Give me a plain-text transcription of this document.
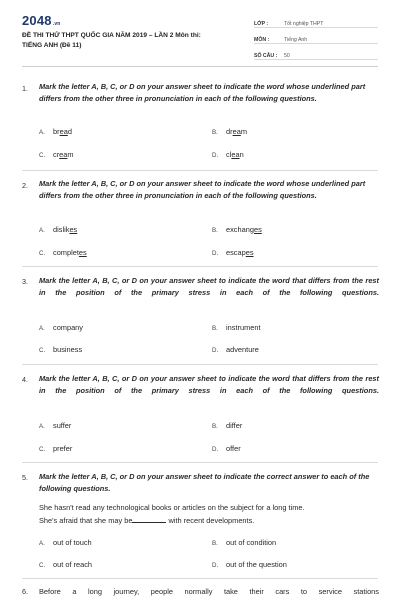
2048.vn
ĐỀ THI THỬ THPT QUỐC GIA NĂM 2019 – LẦN 2 Môn thi:
TIẾNG ANH (Đề 11)
LỚP :	Tốt nghiệp THPT
MÔN :	Tiếng Anh
SỐ CÂU :	50
1. Mark the letter A, B, C, or D on your answer sheet to indicate the word whose underlined part differs from the other three in pronunciation in each of the following questions.
A. bread	B. dream
C. cream	D. clean
2. Mark the letter A, B, C, or D on your answer sheet to indicate the word whose underlined part differs from the other three in pronunciation in each of the following questions.
A. dislikes	B. exchanges
C. completes	D. escapes
3. Mark the letter A, B, C, or D on your answer sheet to indicate the word that differs from the rest in the position of the primary stress in each of the following questions.
A. company	B. instrument
C. business	D. adventure
4. Mark the letter A, B, C, or D on your answer sheet to indicate the word that differs from the rest in the position of the primary stress in each of the following questions.
A. suffer	B. differ
C. prefer	D. offer
5. Mark the letter A, B, C, or D on your answer sheet to indicate the correct answer to each of the following questions.
She hasn't read any technological books or articles on the subject for a long time.
She's afraid that she may be	with recent developments.
A. out of touch	B. out of condition
C. out of reach	D. out of the question
6. Before a long journey, people normally take their cars to service stations
